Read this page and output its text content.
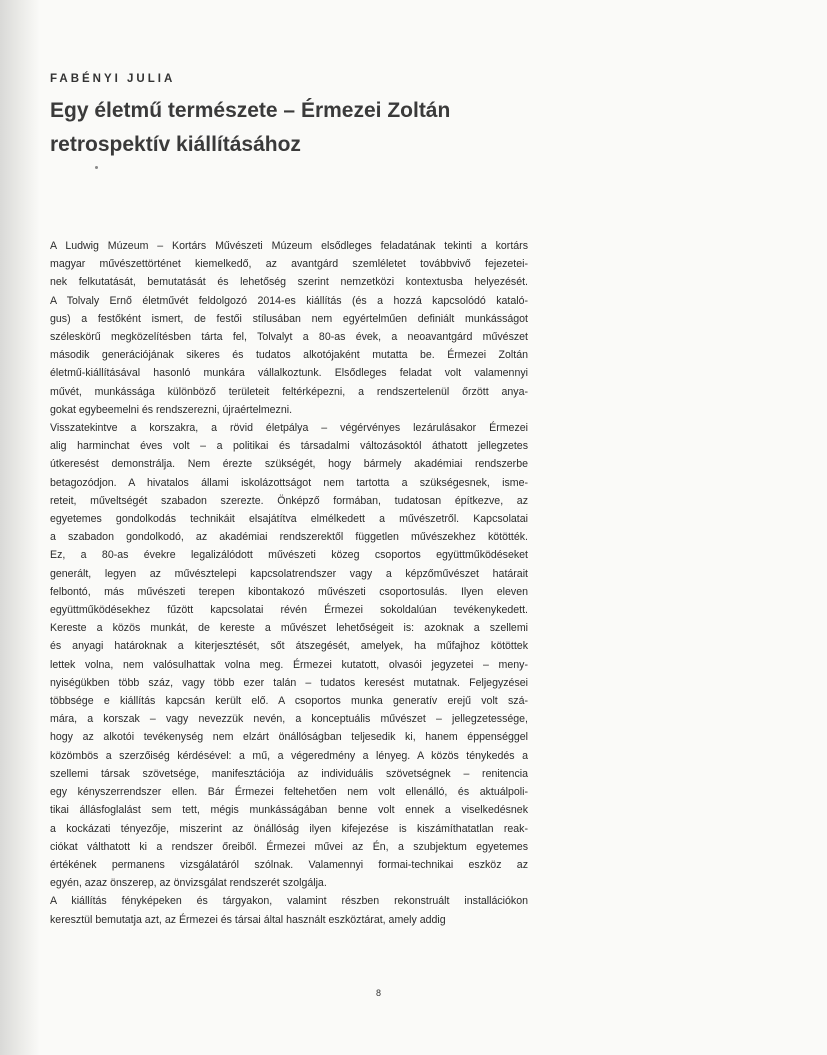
FABÉNYI JULIA
Egy életmű természete – Érmezei Zoltán
retrospektív kiállításához
A Ludwig Múzeum – Kortárs Művészeti Múzeum elsődleges feladatának tekinti a kortárs
magyar művészettörténet kiemelkedő, az avantgárd szemléletet továbbvivő fejezetei-
nek felkutatását, bemutatását és lehetőség szerint nemzetközi kontextusba helyezését.
A Tolvaly Ernő életművét feldolgozó 2014-es kiállítás (és a hozzá kapcsolódó kataló-
gus) a festőként ismert, de festői stílusában nem egyértelműen definiált munkásságot
széleskörű megközelítésben tárta fel, Tolvalyt a 80-as évek, a neoavantgárd művészet
második generációjának sikeres és tudatos alkotójaként mutatta be. Érmezei Zoltán
életmű-kiállításával hasonló munkára vállalkoztunk. Elsődleges feladat volt valamennyi
művét, munkássága különböző területeit feltérképezni, a rendszertelenül őrzött anya-
gokat egybeemelni és rendszerezni, újraértelmezni.
Visszatekintve a korszakra, a rövid életpálya – végérvényes lezárulásakor Érmezei
alig harminchat éves volt – a politikai és társadalmi változásoktól áthatott jellegzetes
útkeresést demonstrálja. Nem érezte szükségét, hogy bármely akadémiai rendszerbe
betagozódjon. A hivatalos állami iskolázottságot nem tartotta a szükségesnek, isme-
reteit, műveltségét szabadon szerezte. Önképző formában, tudatosan építkezve, az
egyetemes gondolkodás technikáit elsajátítva elmélkedett a művészetről. Kapcsolatai
a szabadon gondolkodó, az akadémiai rendszerektől független művészekhez kötötték.
Ez, a 80-as évekre legalizálódott művészeti közeg csoportos együttműködéseket
generált, legyen az művésztelepi kapcsolatrendszer vagy a képzőművészet határait
felbontó, más művészeti terepen kibontakozó művészeti csoportosulás. Ilyen eleven
együttműködésekhez fűzött kapcsolatai révén Érmezei sokoldalúan tevékenykedett.
Kereste a közös munkát, de kereste a művészet lehetőségeit is: azoknak a szellemi
és anyagi határoknak a kiterjesztését, sőt átszegését, amelyek, ha műfajhoz kötöttek
lettek volna, nem valósulhattak volna meg. Érmezei kutatott, olvasói jegyzetei – meny-
nyiségükben több száz, vagy több ezer talán – tudatos keresést mutatnak. Feljegyzései
többsége e kiállítás kapcsán került elő. A csoportos munka generatív erejű volt szá-
mára, a korszak – vagy nevezzük nevén, a konceptuális művészet – jellegzetessége,
hogy az alkotói tevékenység nem elzárt önállóságban teljesedik ki, hanem éppenséggel
közömbös a szerzőiség kérdésével: a mű, a végeredmény a lényeg. A közös ténykedés a
szellemi társak szövetsége, manifesztációja az individuális szövetségnek – renitencia
egy kényszerrendszer ellen. Bár Érmezei feltehetően nem volt ellenálló, és aktuálpoli-
tikai állásfoglalást sem tett, mégis munkásságában benne volt ennek a viselkedésnek
a kockázati tényezője, miszerint az önállóság ilyen kifejezése is kiszámíthatatlan reak-
ciókat válthatott ki a rendszer őreiből. Érmezei művei az Én, a szubjektum egyetemes
értékének permanens vizsgálatáról szólnak. Valamennyi formai-technikai eszköz az
egyén, azaz önszerep, az önvizsgálat rendszerét szolgálja.
A kiállítás fényképeken és tárgyakon, valamint részben rekonstruált installációkon
keresztül bemutatja azt, az Érmezei és társai által használt eszköztárat, amely addig
8
